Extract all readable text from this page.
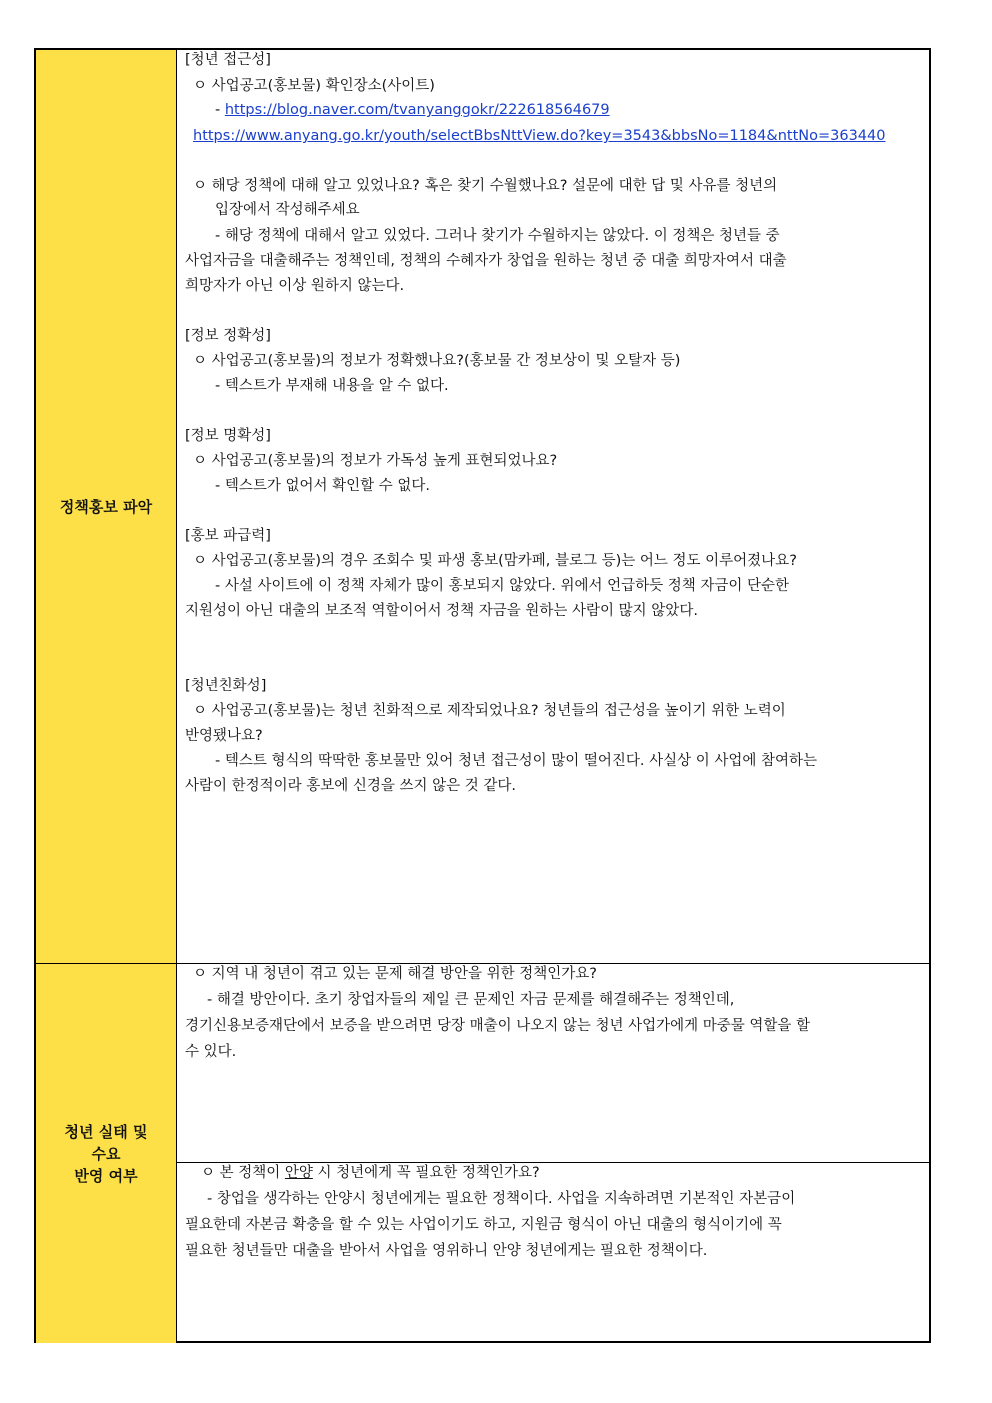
정책홍보 파악
[청년 접근성]
ㅇ 사업공고(홍보물) 확인장소(사이트)
- https://blog.naver.com/tvanyanggokr/222618564679
https://www.anyang.go.kr/youth/selectBbsNttView.do?key=3543&bbsNo=1184&nttNo=363440
ㅇ 해당 정책에 대해 알고 있었나요? 혹은 찾기 수월했나요? 설문에 대한 답 및 사유를 청년의
입장에서 작성해주세요
- 해당 정책에 대해서 알고 있었다. 그러나 찾기가 수월하지는 않았다. 이 정책은 청년들 중
사업자금을 대출해주는 정책인데, 정책의 수혜자가 창업을 원하는 청년 중 대출 희망자여서 대출
희망자가 아닌 이상 원하지 않는다.
[정보 정확성]
ㅇ 사업공고(홍보물)의 정보가 정확했나요?(홍보물 간 정보상이 및 오탈자 등)
- 텍스트가 부재해 내용을 알 수 없다.
[정보 명확성]
ㅇ 사업공고(홍보물)의 정보가 가독성 높게 표현되었나요?
- 텍스트가 없어서 확인할 수 없다.
[홍보 파급력]
ㅇ 사업공고(홍보물)의 경우 조회수 및 파생 홍보(맘카페, 블로그 등)는 어느 정도 이루어졌나요?
- 사설 사이트에 이 정책 자체가 많이 홍보되지 않았다. 위에서 언급하듯 정책 자금이 단순한
지원성이 아닌 대출의 보조적 역할이어서 정책 자금을 원하는 사람이 많지 않았다.
[청년친화성]
ㅇ 사업공고(홍보물)는 청년 친화적으로 제작되었나요? 청년들의 접근성을 높이기 위한 노력이
반영됐나요?
- 텍스트 형식의 딱딱한 홍보물만 있어 청년 접근성이 많이 떨어진다. 사실상 이 사업에 참여하는
사람이 한정적이라 홍보에 신경을 쓰지 않은 것 같다.
청년 실태 및
수요
반영 여부
ㅇ 지역 내 청년이 겪고 있는 문제 해결 방안을 위한 정책인가요?
- 해결 방안이다. 초기 창업자들의 제일 큰 문제인 자금 문제를 해결해주는 정책인데,
경기신용보증재단에서 보증을 받으려면 당장 매출이 나오지 않는 청년 사업가에게 마중물 역할을 할
수 있다.
ㅇ 본 정책이 안양 시 청년에게 꼭 필요한 정책인가요?
- 창업을 생각하는 안양시 청년에게는 필요한 정책이다. 사업을 지속하려면 기본적인 자본금이
필요한데 자본금 확충을 할 수 있는 사업이기도 하고, 지원금 형식이 아닌 대출의 형식이기에 꼭
필요한 청년들만 대출을 받아서 사업을 영위하니 안양 청년에게는 필요한 정책이다.
